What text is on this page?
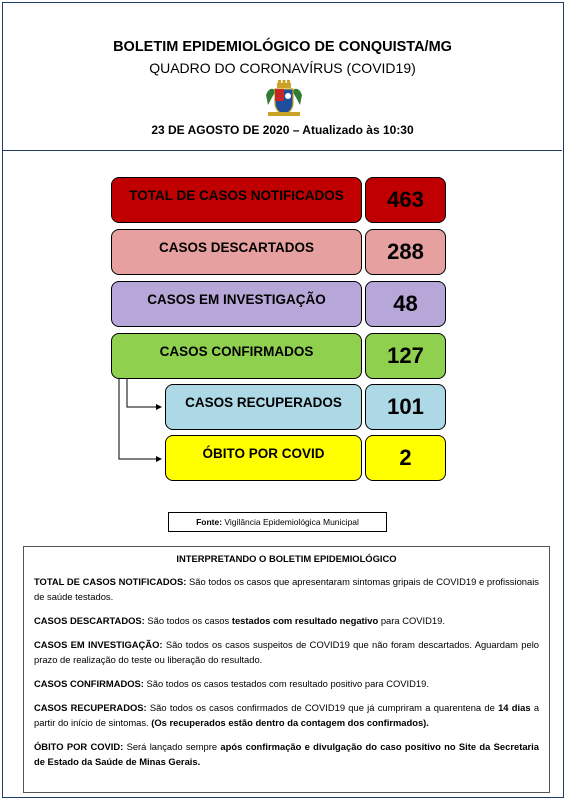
BOLETIM EPIDEMIOLÓGICO DE CONQUISTA/MG
QUADRO DO CORONAVÍRUS (COVID19)
23 DE AGOSTO DE 2020 – Atualizado às 10:30
TOTAL DE CASOS NOTIFICADOS 463
CASOS DESCARTADOS	288
CASOS EM INVESTIGAÇÃO	48
CASOS CONFIRMADOS	127
CASOS RECUPERADOS 101
ÓBITO POR COVID	2
Fonte:
Vigilância Epidemiológica Municipal
INTERPRETANDO O BOLETIM EPIDEMIOLÓGICO

TOTAL DE CASOS NOTIFICADOS: São todos os casos que apresentaram sintomas gripais de COVID19 e profissionais de saúde testados.

CASOS DESCARTADOS: São todos os casos testados com resultado negativo para COVID19.

CASOS EM INVESTIGAÇÃO: São todos os casos suspeitos de COVID19 que não foram descartados. Aguardam pelo prazo de realização do teste ou liberação do resultado.

CASOS CONFIRMADOS: São todos os casos testados com resultado positivo para COVID19.

CASOS RECUPERADOS: São todos os casos confirmados de COVID19 que já cumpriram a quarentena de 14 dias a partir do início de sintomas. (Os recuperados estão dentro da contagem dos confirmados).

ÓBITO POR COVID: Será lançado sempre após confirmação e divulgação do caso positivo no Site da Secretaria de Estado da Saúde de Minas Gerais.
